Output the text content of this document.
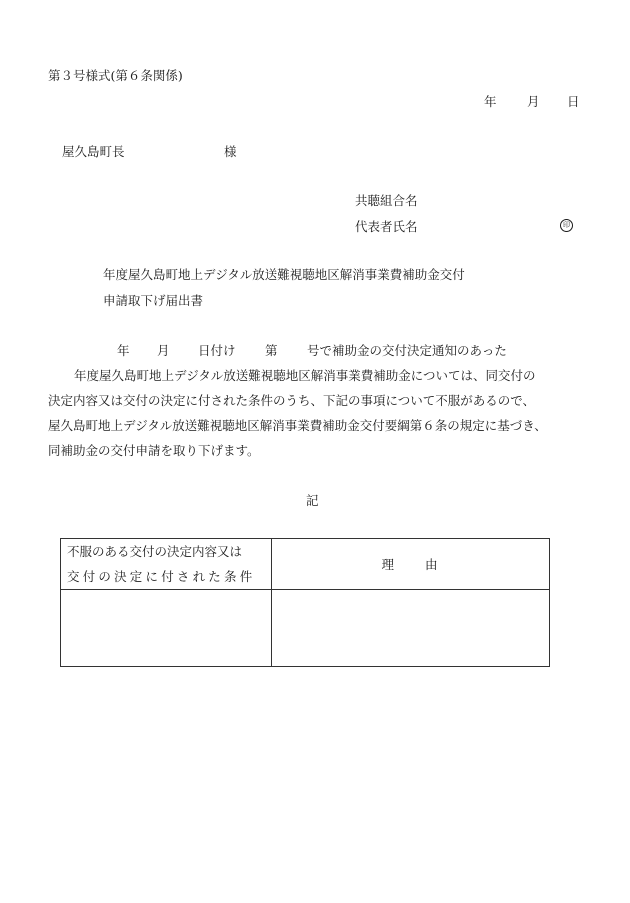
第３号様式(第６条関係)
年 月 日
屋久島町長	様
共聴組合名
代表者氏名	印
年度屋久島町地上デジタル放送難視聴地区解消事業費補助金交付
申請取下げ届出書
年 月 日付け 第 号で補助金の交付決定通知のあった
年度屋久島町地上デジタル放送難視聴地区解消事業費補助金については、同交付の
決定内容又は交付の決定に付された条件のうち、下記の事項について不服があるので、
屋久島町地上デジタル放送難視聴地区解消事業費補助金交付要綱第６条の規定に基づき、
同補助金の交付申請を取り下げます。
記
不服のある交付の決定内容又は
交付の決定に付された条件	理　　由
